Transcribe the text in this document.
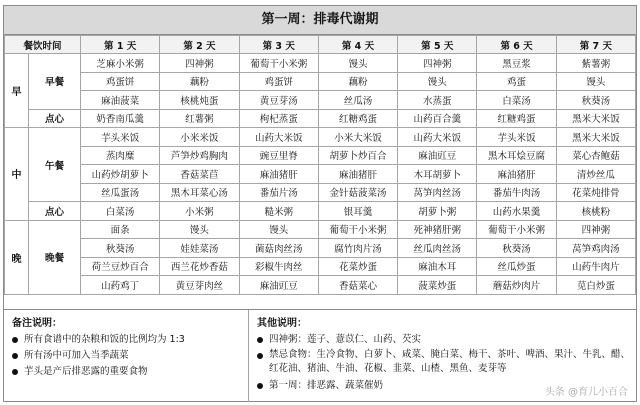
第一周：排毒代谢期
餐饮时间		第 1 天	第 2 天	第 3 天	第 4 天	第 5 天	第 6 天	第 7 天
早	早餐	芝麻小米粥	四神粥	葡萄干小米粥	馒头	四神粥	黑豆浆	紫薯粥
		鸡蛋饼	藕粉	鸡蛋饼	藕粉	馒头	鸡蛋	馒头
		麻油菠菜	核桃炖蛋	黄豆芽汤	丝瓜汤	水蒸蛋	白菜汤	秋葵汤
	点心	奶香南瓜羹	红薯粥	枸杞蒸蛋	红糖鸡蛋	山药百合羹	红糖鸡蛋	黑米大米饭
中	午餐	芋头米饭	小米米饭	山药大米饭	小米大米饭	山药大米饭	芋头米饭	黑米大米饭
		蒸肉糜	芦笋炒鸡胸肉	豌豆里脊	胡萝卜炒百合	麻油豇豆	黑木耳烩豆腐	菜心杏鲍菇
		山药炒胡萝卜	香菇菜苣	麻油猪肝	麻油猪肝	木耳胡萝卜	麻油猪肝	清炒丝瓜
		丝瓜蛋汤	黑木耳菜心汤	番茄片汤	金针菇菠菜汤	莴笋肉丝汤	番茄牛肉汤	花菜炖排骨
	点心	白菜汤	小米粥	糙米粥	银耳羹	胡萝卜粥	山药水果羹	核桃粉
晚	晚餐	面条	馒头	馒头	葡萄干小米粥	死神猪肝粥	葡萄干小米粥	四神粥
		秋葵汤	娃娃菜汤	菌菇肉丝汤	腐竹肉片汤	丝瓜肉丝汤	秋葵汤	莴笋鸡肉汤
		荷兰豆炒百合	西兰花炒香菇	彩椒牛肉丝	花菜炒蛋	麻油木耳	丝瓜炒蛋	山药牛肉片
		山药鸡丁	黄豆芽肉丝	麻油豇豆	香菇菜心	菠菜炒蛋	蘑菇炒肉片	苋白炒蛋
备注说明：
所有食谱中的杂粮和饭的比例均为 1:3
所有汤中可加入当季蔬菜
芋头是产后排恶露的重要食物
其他说明：
四神粥：莲子、薏苡仁、山药、芡实
禁忌食物：生冷食物、白萝卜、咸菜、腌白菜、梅干、茶叶、啤酒、果汁、牛乳、醋、红花油、猪油、牛油、花椒、韭菜、山楂、黑鱼、麦芽等
第一周：排恶露、蔬菜催奶
头条 @育儿小百合
